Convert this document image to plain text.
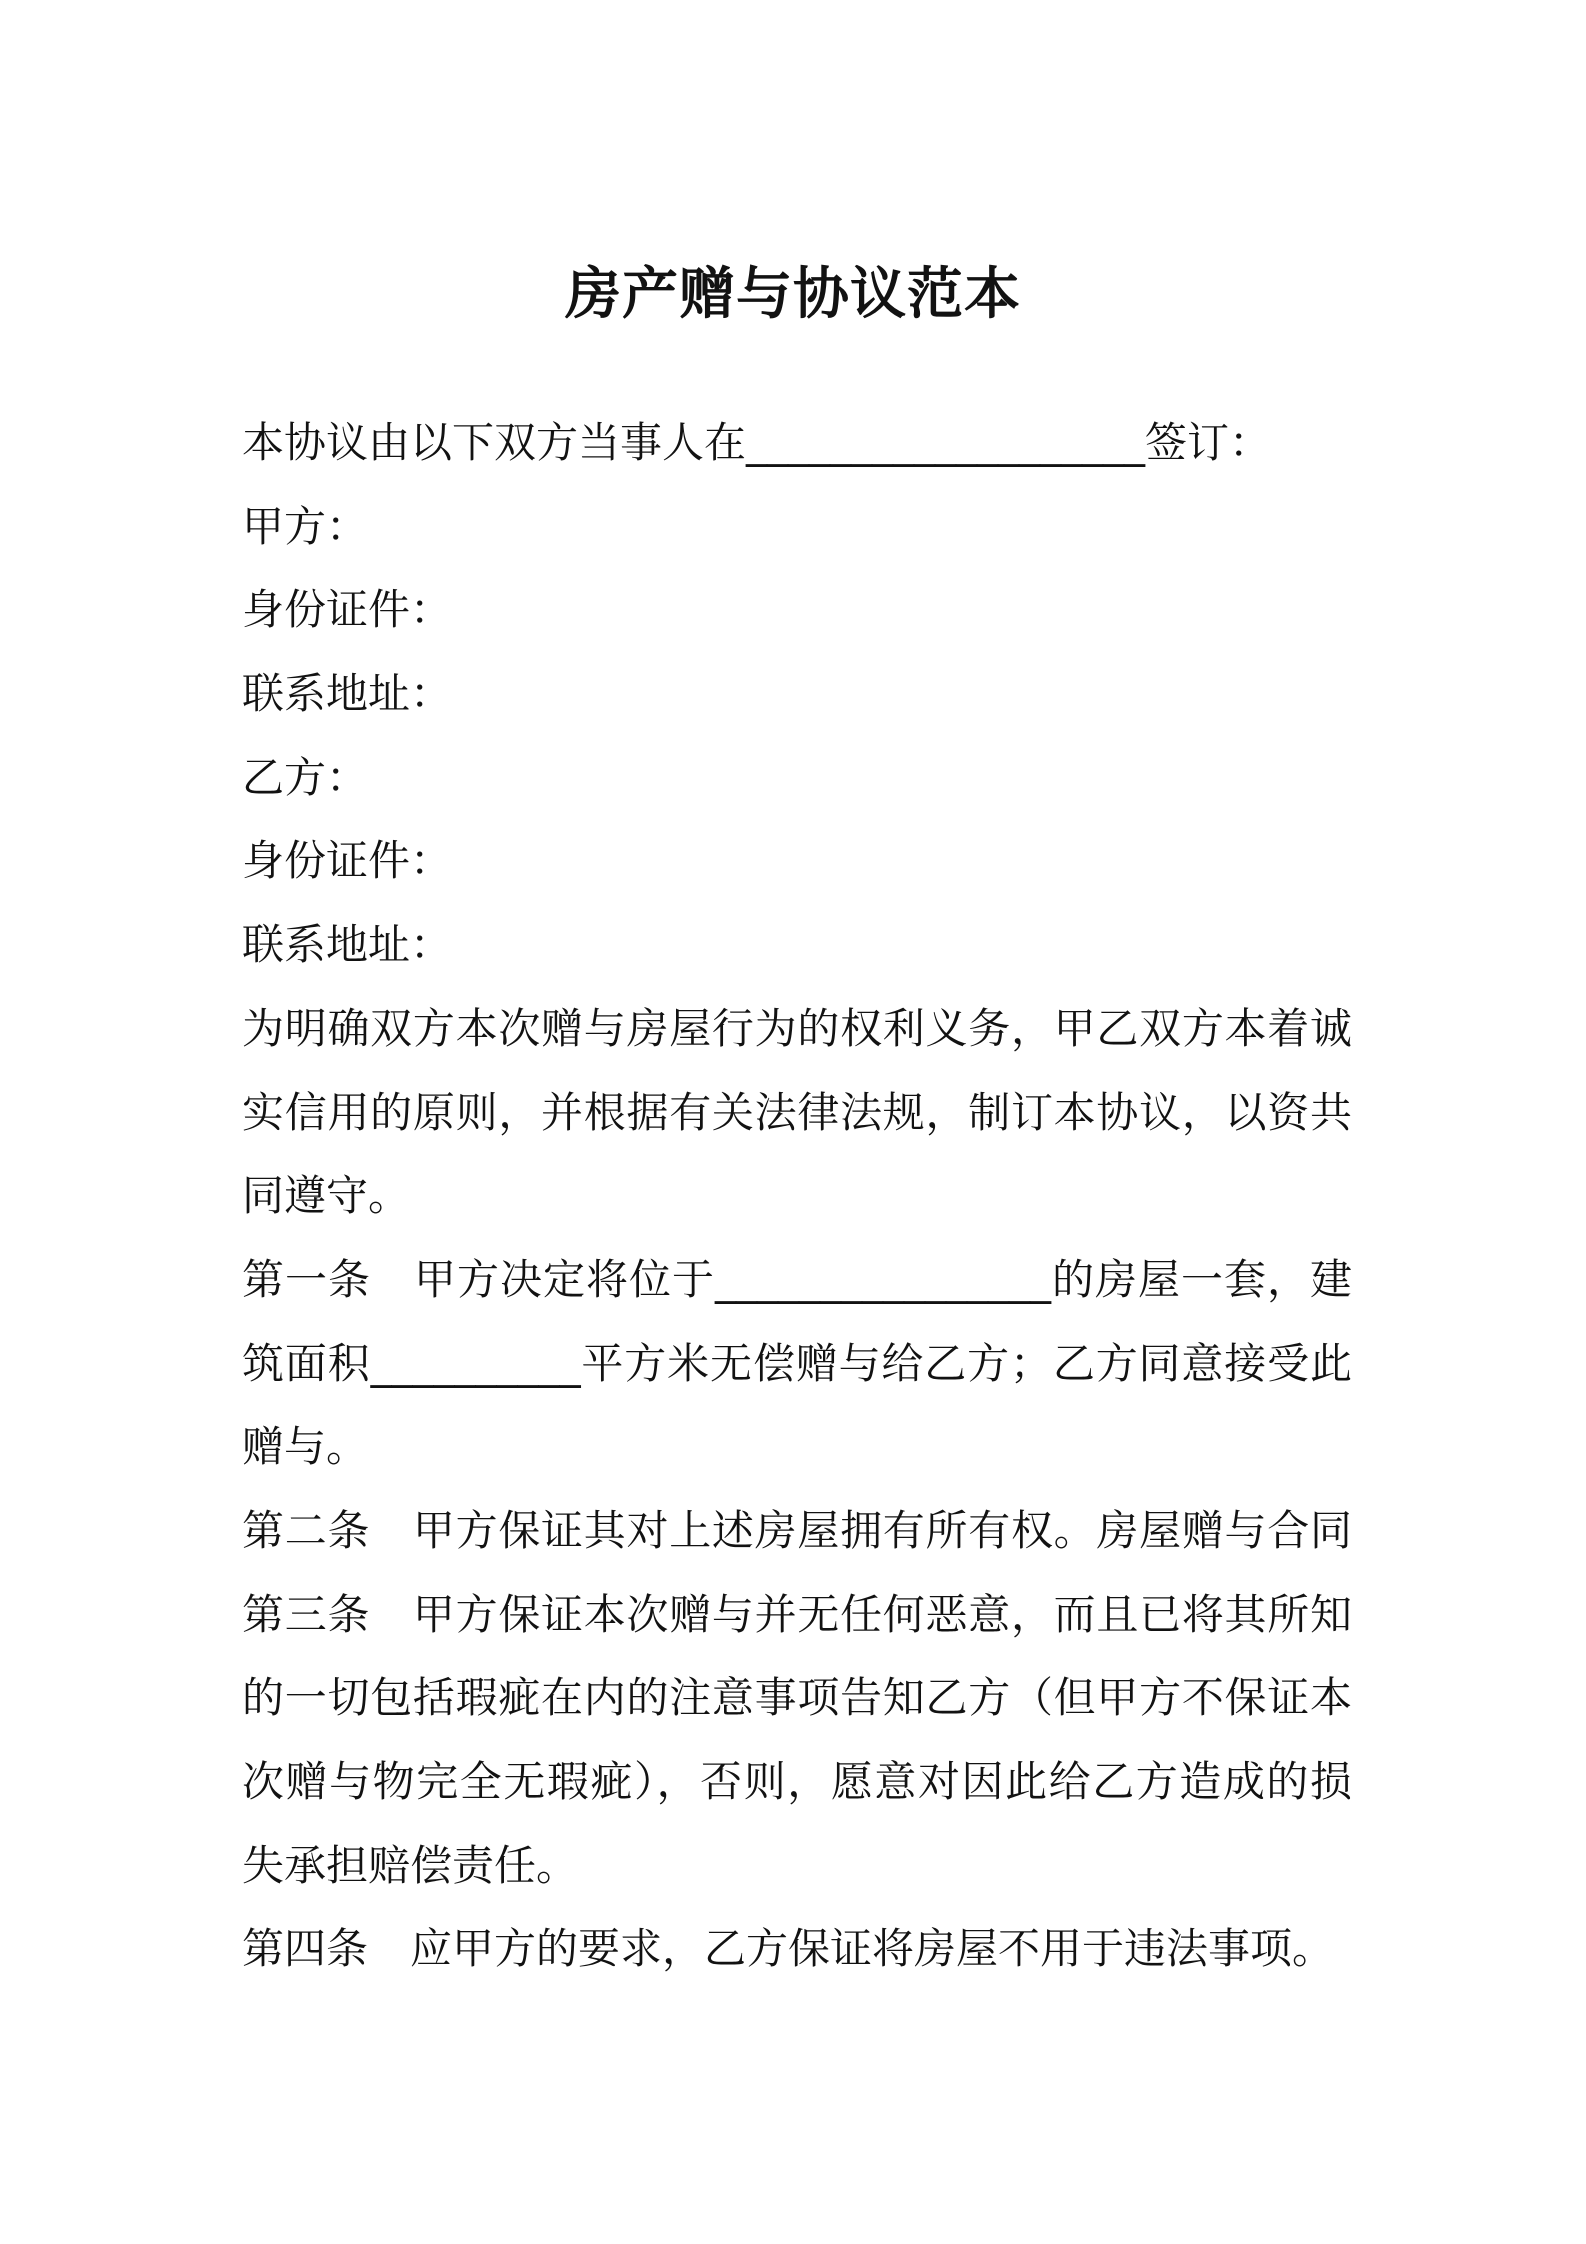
房产赠与协议范本
本协议由以下双方当事人在___________________签订：
甲方：
身份证件：
联系地址：
乙方：
身份证件：
联系地址：
为明确双方本次赠与房屋行为的权利义务，甲乙双方本着诚
实信用的原则，并根据有关法律法规，制订本协议，以资共
同遵守。
第一条　甲方决定将位于________________的房屋一套，建
筑面积__________平方米无偿赠与给乙方；乙方同意接受此
赠与。
第二条　甲方保证其对上述房屋拥有所有权。房屋赠与合同
第三条　甲方保证本次赠与并无任何恶意，而且已将其所知
的一切包括瑕疵在内的注意事项告知乙方（但甲方不保证本
次赠与物完全无瑕疵），否则，愿意对因此给乙方造成的损
失承担赔偿责任。
第四条　应甲方的要求，乙方保证将房屋不用于违法事项。
